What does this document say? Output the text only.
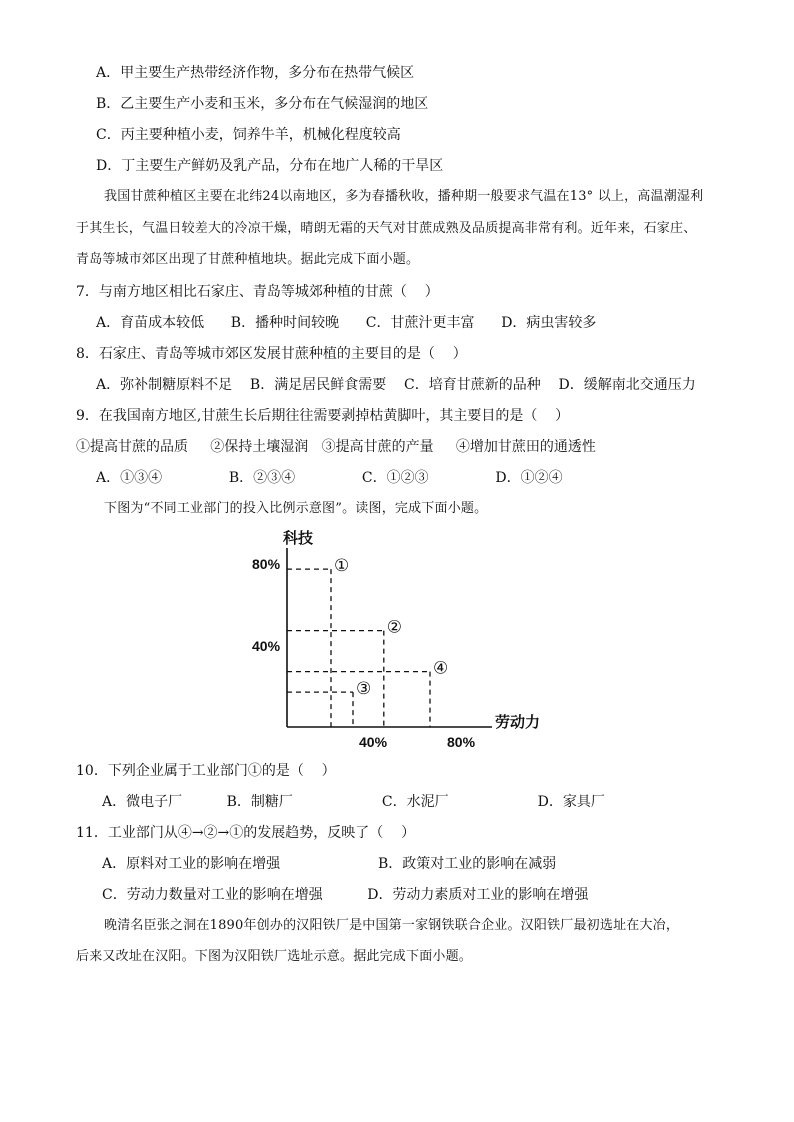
A．甲主要生产热带经济作物，多分布在热带气候区
B．乙主要生产小麦和玉米，多分布在气候湿润的地区
C．丙主要种植小麦，饲养牛羊，机械化程度较高
D．丁主要生产鲜奶及乳产品，分布在地广人稀的干旱区
我国甘蔗种植区主要在北纬24以南地区，多为春播秋收，播种期一般要求气温在13° 以上，高温潮湿利
于其生长，气温日较差大的冷凉干燥，晴朗无霜的天气对甘蔗成熟及品质提高非常有利。近年来，石家庄、
青岛等城市郊区出现了甘蔗种植地块。据此完成下面小题。
7．与南方地区相比石家庄、青岛等城郊种植的甘蔗（    ）
A．育苗成本较低      B．播种时间较晚      C．甘蔗汁更丰富      D．病虫害较多
8．石家庄、青岛等城市郊区发展甘蔗种植的主要目的是（    ）
A．弥补制糖原料不足    B．满足居民鲜食需要    C．培育甘蔗新的品种    D．缓解南北交通压力
9．在我国南方地区,甘蔗生长后期往往需要剥掉枯黄脚叶，其主要目的是（    ）
①提高甘蔗的品质     ②保持土壤湿润   ③提高甘蔗的产量     ④增加甘蔗田的通透性
A．①③④               B．②③④               C．①②③               D．①②④
下图为“不同工业部门的投入比例示意图”。读图，完成下面小题。
①
②
③
④
科技
劳动力
80%
40%
40%	80%
10．下列企业属于工业部门①的是（    ）
A．微电子厂          B．制糖厂                    C．水泥厂                    D．家具厂
11．工业部门从④→②→①的发展趋势，反映了（    ）
A．原料对工业的影响在增强                      B．政策对工业的影响在减弱
C．劳动力数量对工业的影响在增强          D．劳动力素质对工业的影响在增强
晚清名臣张之洞在1890年创办的汉阳铁厂是中国第一家钢铁联合企业。汉阳铁厂最初选址在大冶，
后来又改址在汉阳。下图为汉阳铁厂选址示意。据此完成下面小题。
